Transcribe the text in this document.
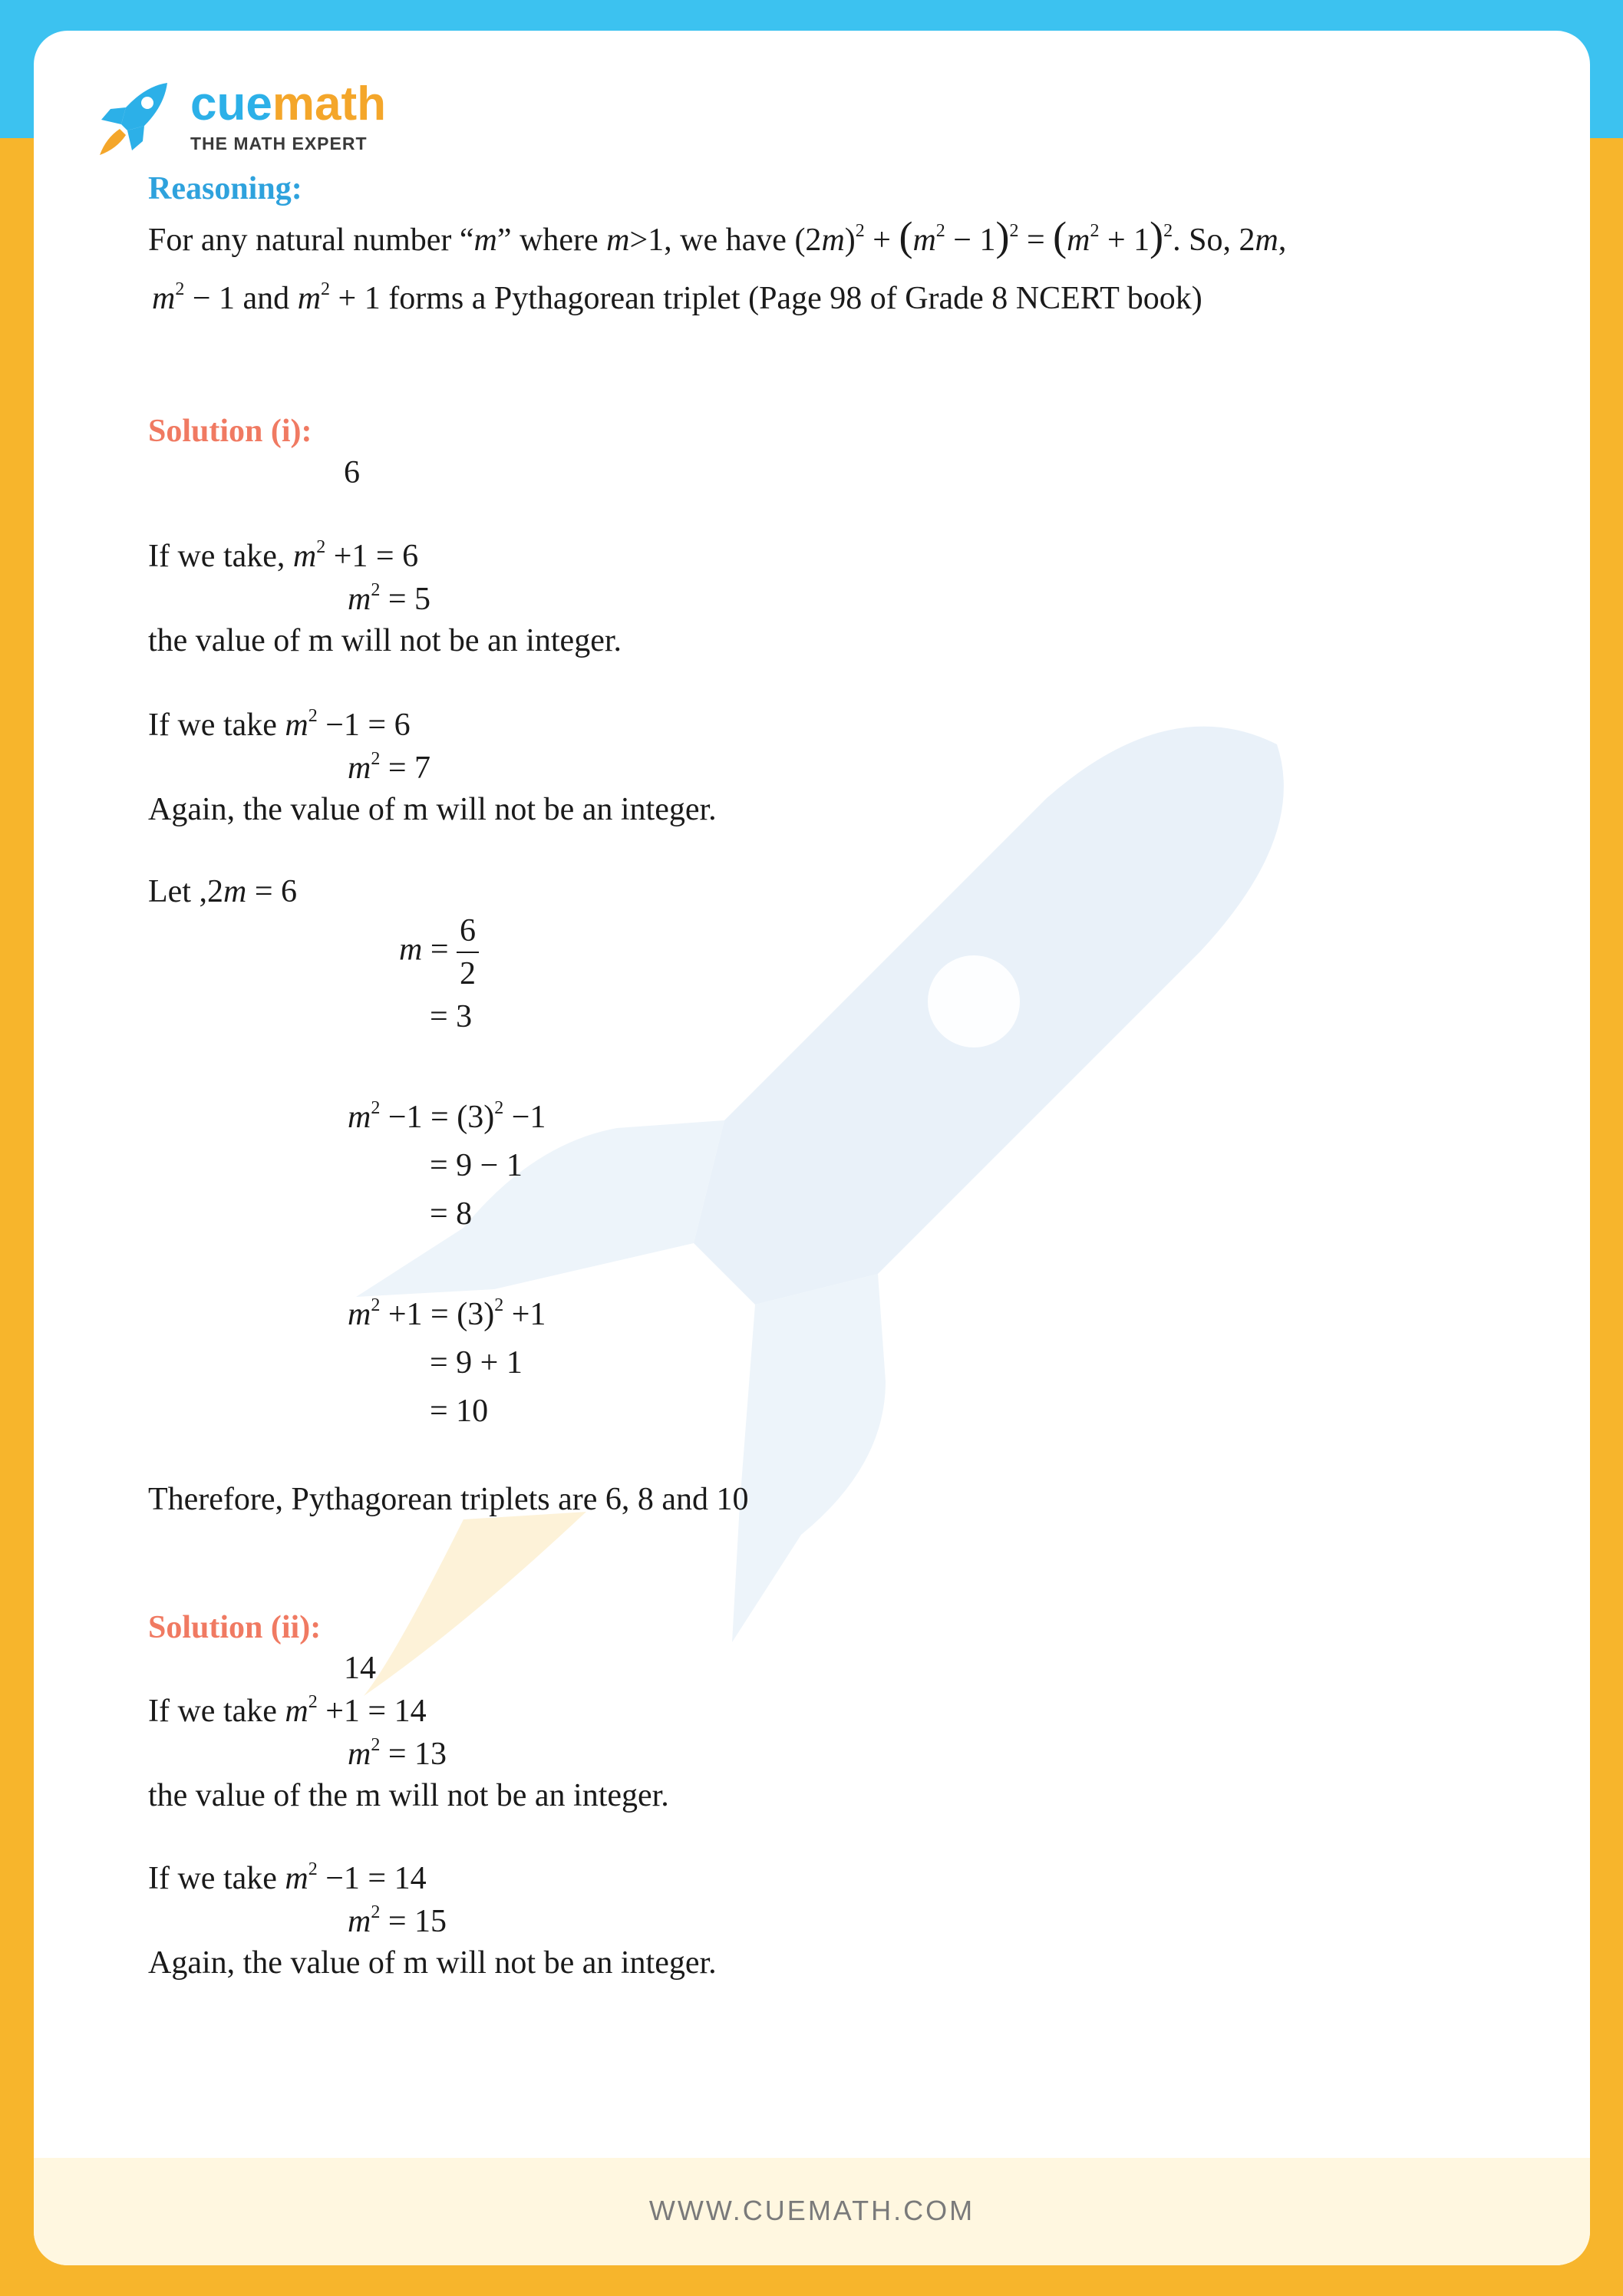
WWW.CUEMATH.COM
cuemath
THE MATH EXPERT
Reasoning:
For any natural number “m” where m>1, we have $(2m)^2 + (m^2 - 1)^2 = (m^2 + 1)^2$. So, 2m,
$m^2 - 1$ and $m^2 + 1$ forms a Pythagorean triplet (Page 98 of Grade 8 NCERT book)
Solution (i):
6
If we take, $m^2 +1 = 6$
$m^2 = 5$
the value of m will not be an integer.
If we take $m^2 -1 = 6$
$m^2 = 7$
Again, the value of m will not be an integer.
Let ,2m = 6
$m = \frac{6}{2}$
= 3
$m^2 -1 = (3)^2 -1$
= 9 − 1
= 8
$m^2 +1 = (3)^2 +1$
= 9 + 1
= 10
Therefore, Pythagorean triplets are 6, 8 and 10
Solution (ii):
14
If we take $m^2 +1 = 14$
$m^2 = 13$
the value of the m will not be an integer.
If we take $m^2 -1 = 14$
$m^2 = 15$
Again, the value of m will not be an integer.
